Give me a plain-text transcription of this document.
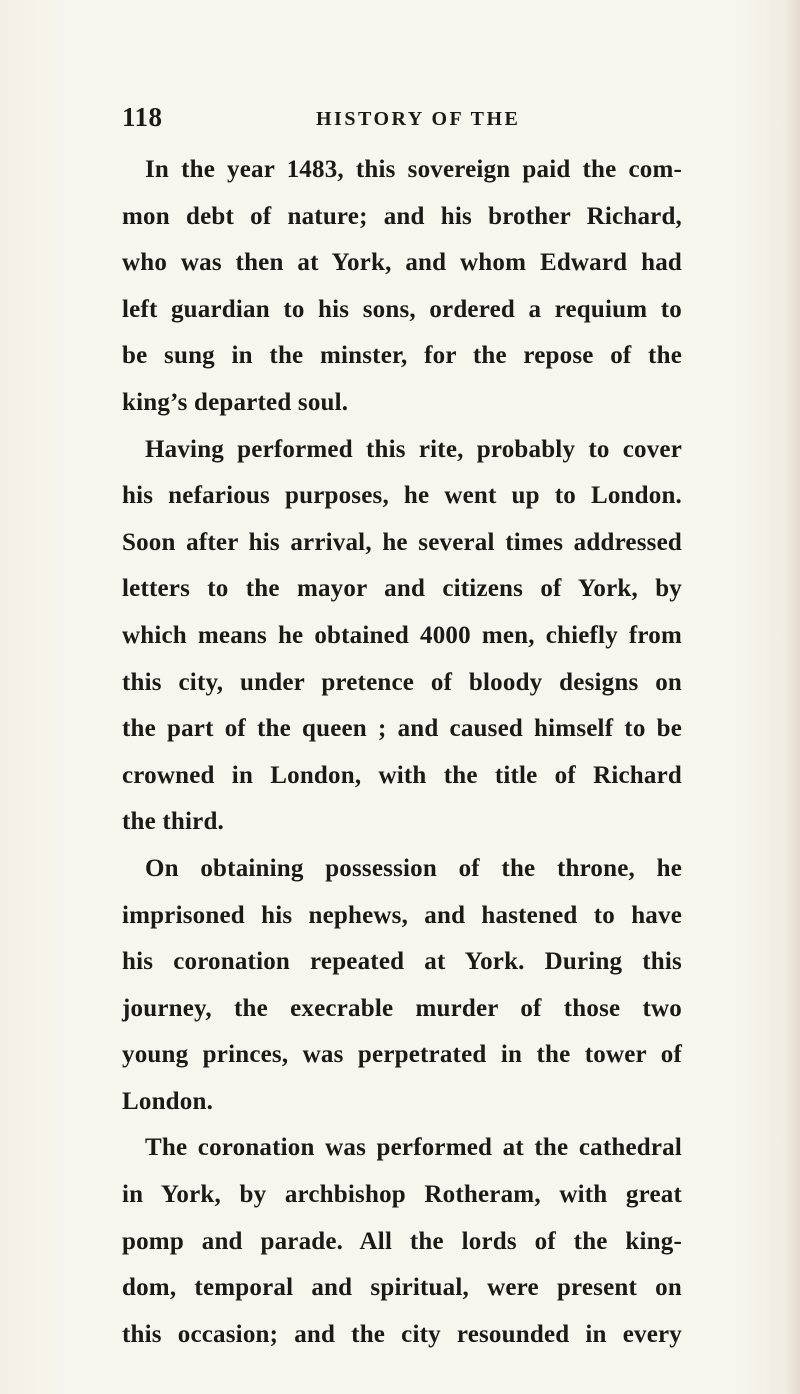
118	HISTORY OF THE
In the year 1483, this sovereign paid the com-
mon debt of nature; and his brother Richard,
who was then at York, and whom Edward had
left guardian to his sons, ordered a requium to
be sung in the minster, for the repose of the
king’s departed soul.
Having performed this rite, probably to cover
his nefarious purposes, he went up to London.
Soon after his arrival, he several times addressed
letters to the mayor and citizens of York, by
which means he obtained 4000 men, chiefly from
this city, under pretence of bloody designs on
the part of the queen ; and caused himself to be
crowned in London, with the title of Richard
the third.
On obtaining possession of the throne, he
imprisoned his nephews, and hastened to have
his coronation repeated at York. During this
journey, the execrable murder of those two
young princes, was perpetrated in the tower of
London.
The coronation was performed at the cathedral
in York, by archbishop Rotheram, with great
pomp and parade. All the lords of the king-
dom, temporal and spiritual, were present on
this occasion; and the city resounded in every
